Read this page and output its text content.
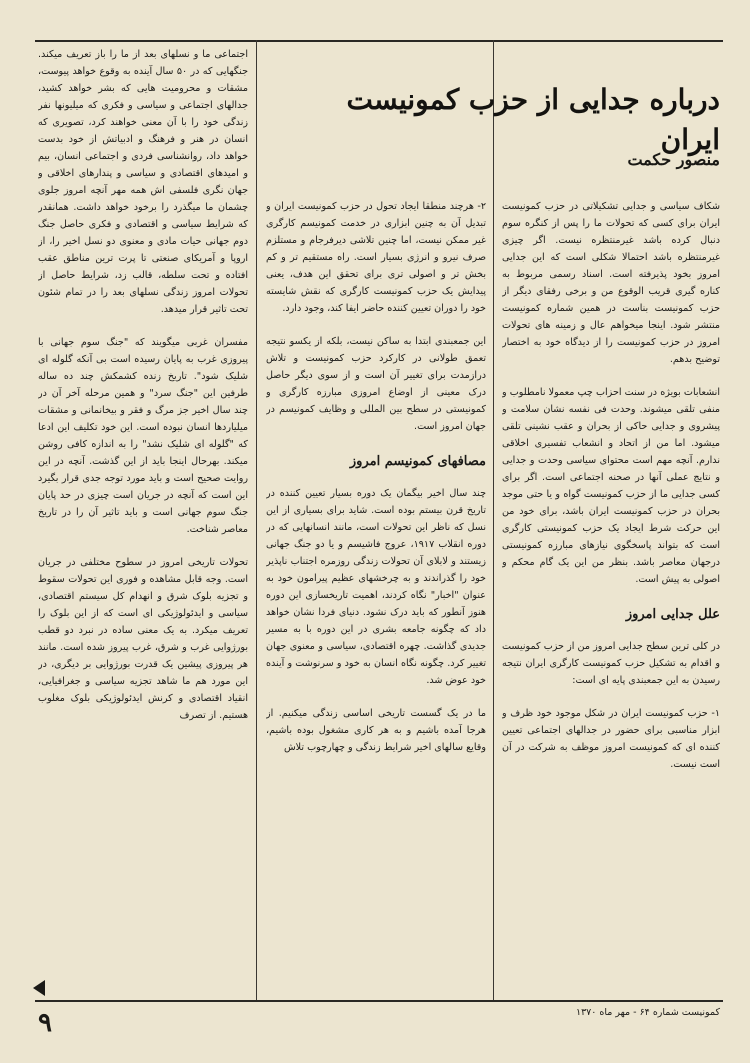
درباره جدایی از حزب کمونیست ایران
منصور حکمت

شکاف سیاسی و جدایی تشکیلاتی در حزب کمونیست ایران برای کسی که تحولات ما را پس از کنگره سوم دنبال کرده باشد غیرمنتظره نیست. اگر چیزی غیرمنتظره باشد احتمالا شکلی است که این جدایی امروز بخود پذیرفته است. اسناد رسمی مربوط به کناره گیری قریب الوقوع من و برخی رفقای دیگر از حزب کمونیست بناست در همین شماره کمونیست منتشر شود. اینجا میخواهم عال و زمینه های تحولات امروز در حزب کمونیست را از دیدگاه خود به اختصار توضیح بدهم.

انشعابات بویژه در سنت احزاب چپ معمولا نامطلوب و منفی تلقی میشوند. وحدت فی نفسه نشان سلامت و پیشروی و جدایی حاکی از بحران و عقب نشینی تلقی میشود. اما من از اتحاد و انشعاب تفسیری اخلاقی ندارم. آنچه مهم است محتوای سیاسی وحدت و جدایی و نتایج عملی آنها در صحنه اجتماعی است. اگر برای کسی جدایی ما از حزب کمونیست گواه و یا حتی موجد بحران در حزب کمونیست ایران باشد، برای خود من این حرکت شرط ایجاد یک حزب کمونیستی کارگری است که بتواند پاسخگوی نیازهای مبارزه کمونیستی درجهان معاصر باشد. بنظر من این یک گام محکم و اصولی به پیش است.

علل جدایی امروز

در کلی ترین سطح جدایی امروز من از حزب کمونیست و اقدام به تشکیل حزب کمونیست کارگری ایران نتیجه رسیدن به این جمعبندی پایه ای است:

۱- حزب کمونیست ایران در شکل موجود خود ظرف و ابزار مناسبی برای حضور در جدالهای اجتماعی تعیین کننده ای که کمونیست امروز موظف به شرکت در آن است نیست.

۲- هرچند منطقا ایجاد تحول در حزب کمونیست ایران و تبدیل آن به چنین ابزاری در خدمت کمونیسم کارگری غیر ممکن نیست، اما چنین تلاشی دیرفرجام و مستلزم صرف نیرو و انرژی بسیار است. راه مستقیم تر و کم بخش تر و اصولی تری برای تحقق این هدف، یعنی پیدایش یک حزب کمونیست کارگری که نقش شایسته خود را دوران تعیین کننده حاضر ایفا کند، وجود دارد.

این جمعبندی ابتدا به ساکن نیست، بلکه از یکسو نتیجه تعمق طولانی در کارکرد حزب کمونیست و تلاش درازمدت برای تغییر آن است و از سوی دیگر حاصل درک معینی از اوضاع امروزی مبارزه کارگری و کمونیستی در سطح بین المللی و وظایف کمونیسم در جهان امروز است.

مصافهای کمونیسم امروز

چند سال اخیر بیگمان یک دوره بسیار تعیین کننده در تاریخ قرن بیستم بوده است. شاید برای بسیاری از این نسل که ناظر این تحولات است، مانند انسانهایی که در دوره انقلاب ۱۹۱۷، عروج فاشیسم و یا دو جنگ جهانی زیستند و لابلای آن تحولات زندگی روزمره اجتناب ناپذیر خود را گذراندند و به چرخشهای عظیم پیرامون خود به عنوان "اخبار" نگاه کردند، اهمیت تاریخسازی این دوره هنوز آنطور که باید درک نشود. دنیای فردا نشان خواهد داد که چگونه جامعه بشری در این دوره با به مسیر جدیدی گذاشت. چهره اقتصادی، سیاسی و معنوی جهان تغییر کرد. چگونه نگاه انسان به خود و سرنوشت و آینده خود عوض شد.

ما در یک گسست تاریخی اساسی زندگی میکنیم. از هرجا آمده باشیم و به هر کاری مشغول بوده باشیم، وقایع سالهای اخیر شرایط زندگی و چهارچوب تلاش

اجتماعی ما و نسلهای بعد از ما را باز تعریف میکند. جنگهایی که در ۵۰ سال آینده به وقوع خواهد پیوست، مشقات و محرومیت هایی که بشر خواهد کشید، جدالهای اجتماعی و سیاسی و فکری که میلیونها نفر زندگی خود را با آن معنی خواهند کرد، تصویری که انسان در هنر و فرهنگ و ادبیاتش از خود بدست خواهد داد، روانشناسی فردی و اجتماعی انسان، بیم و امیدهای اقتصادی و سیاسی و پندارهای اخلاقی و جهان نگری فلسفی اش همه مهر آنچه امروز جلوی چشمان ما میگذرد را برخود خواهد داشت. همانقدر که شرایط سیاسی و اقتصادی و فکری حاصل جنگ دوم جهانی حیات مادی و معنوی دو نسل اخیر را، از اروپا و آمریکای صنعتی تا پرت ترین مناطق عقب افتاده و تحت سلطه، قالب زد، شرایط حاصل از تحولات امروز زندگی نسلهای بعد را در تمام شئون تحت تاثیر قرار میدهد.

مفسران غربی میگویند که "جنگ سوم جهانی با پیروزی غرب به پایان رسیده است بی آنکه گلوله ای شلیک شود". تاریخ زنده کشمکش چند ده ساله طرفین این "جنگ سرد" و همین مرحله آخر آن در چند سال اخیر جز مرگ و فقر و بیخانمانی و مشقات میلیاردها انسان نبوده است. این خود تکلیف این ادعا که "گلوله ای شلیک نشد" را به اندازه کافی روشن میکند. بهرحال اینجا باید از این گذشت. آنچه در این روایت صحیح است و باید مورد توجه جدی قرار بگیرد این است که آنچه در جریان است چیزی در حد پایان جنگ سوم جهانی است و باید تاثیر آن را در تاریخ معاصر شناخت.

تحولات تاریخی امروز در سطوح مختلفی در جریان است. وجه قابل مشاهده و فوری این تحولات سقوط و تجزیه بلوک شرق و انهدام کل سیستم اقتصادی، سیاسی و ایدئولوژیکی ای است که از این بلوک را تعریف میکرد. به یک معنی ساده در نبرد دو قطب بورژوایی غرب و شرق، غرب پیروز شده است. مانند هر پیروزی پیشین یک قدرت بورژوایی بر دیگری، در این مورد هم ما شاهد تجزیه سیاسی و جغرافیایی، انقیاد اقتصادی و کرنش ایدئولوژیکی بلوک مغلوب هستیم. از تصرف

۹	کمونیست شماره ۶۴ - مهر ماه ۱۳۷۰
